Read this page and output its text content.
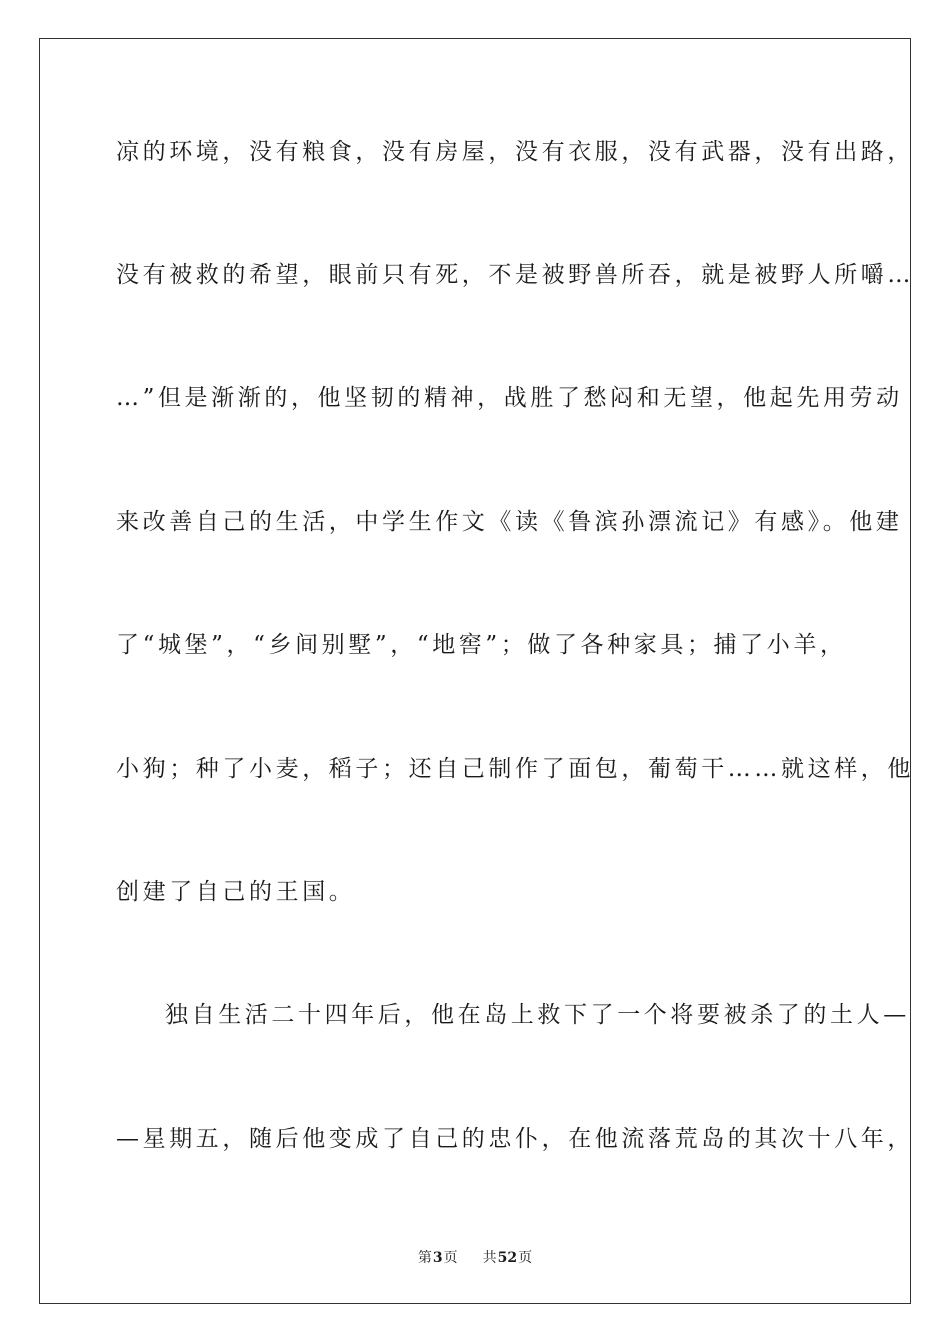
凉的环境，没有粮食，没有房屋，没有衣服，没有武器，没有出路，
没有被救的希望，眼前只有死，不是被野兽所吞，就是被野人所嚼…
…”但是渐渐的，他坚韧的精神，战胜了愁闷和无望，他起先用劳动
来改善自己的生活，中学生作文《读《鲁滨孙漂流记》有感》。他建
了“城堡”，“乡间别墅”，“地窖”；做了各种家具；捕了小羊，
小狗；种了小麦，稻子；还自己制作了面包，葡萄干……就这样，他
创建了自己的王国。
独自生活二十四年后，他在岛上救下了一个将要被杀了的土人—
—星期五，随后他变成了自己的忠仆，在他流落荒岛的其次十八年，
第3页 共52页
